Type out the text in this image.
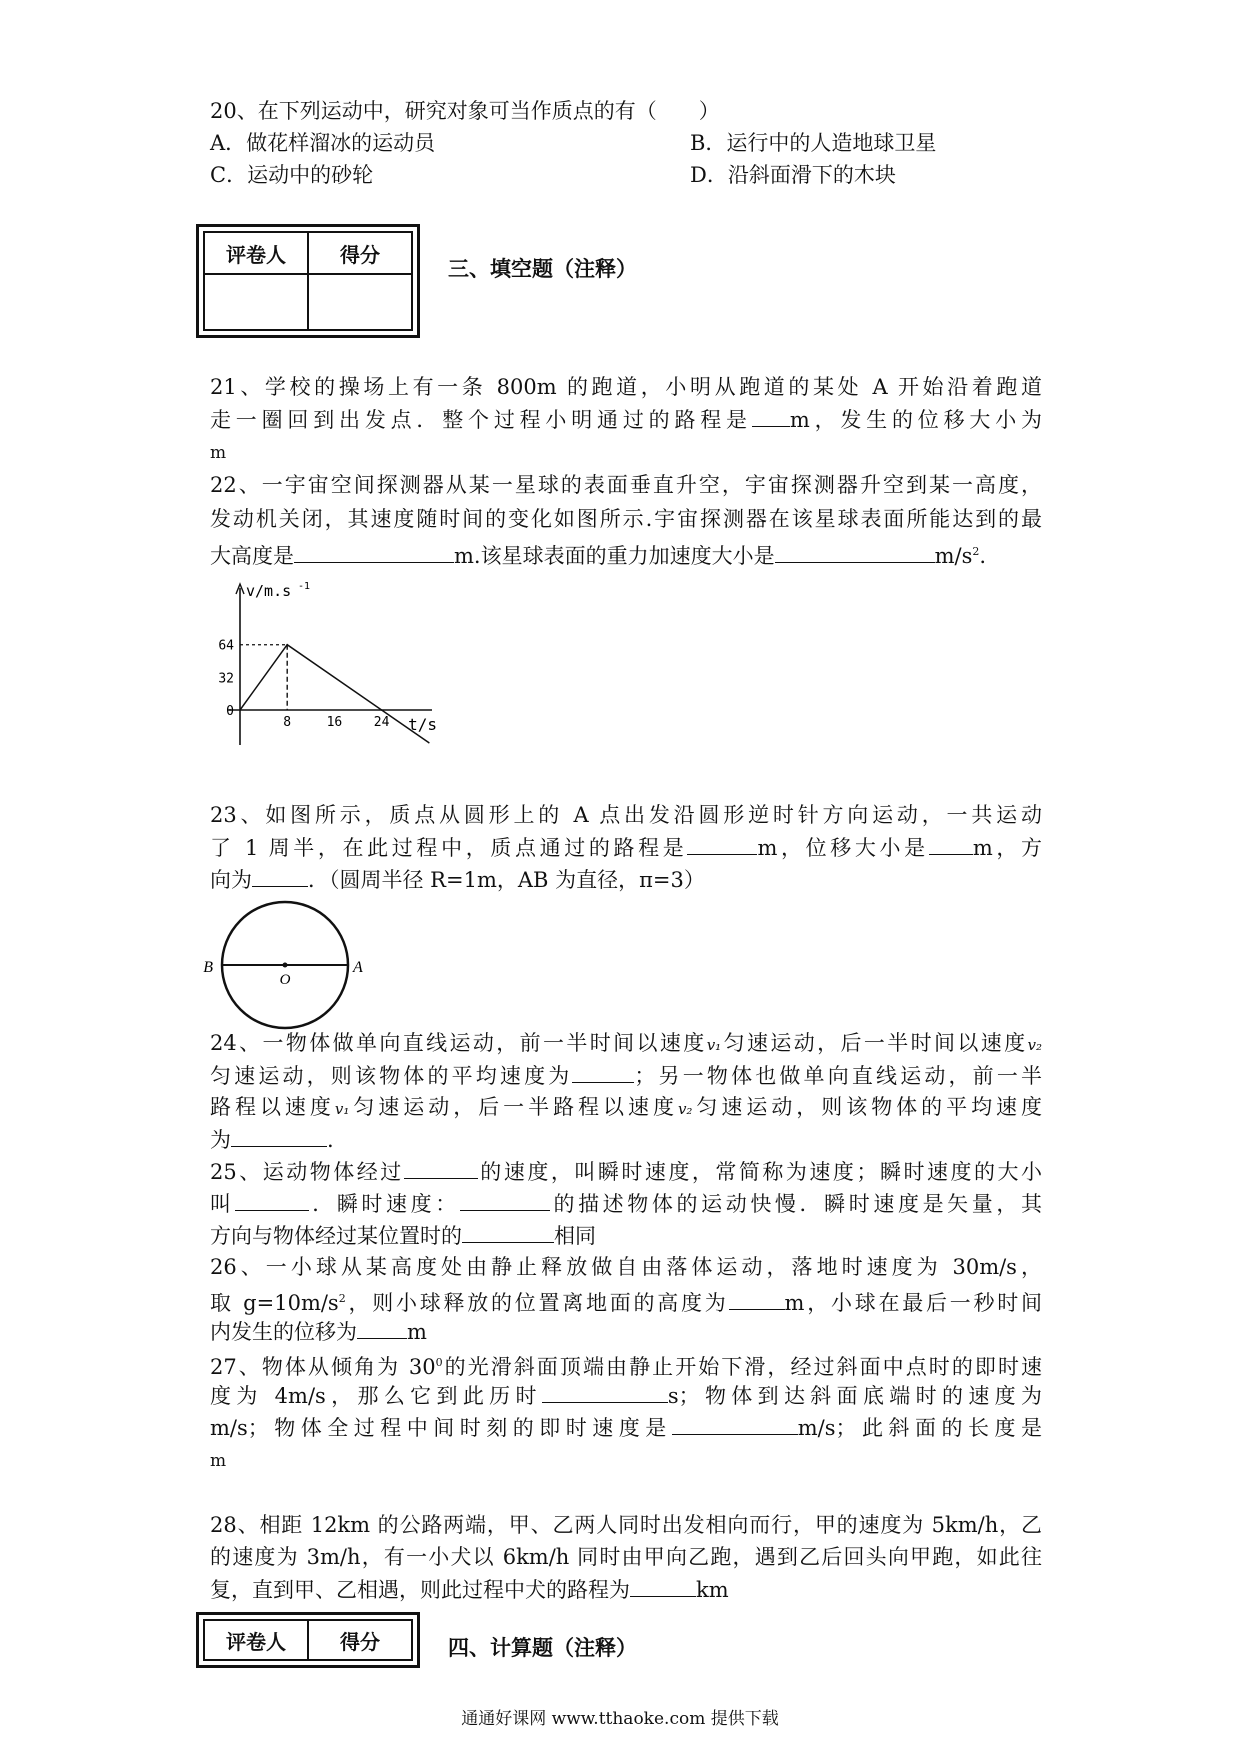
20、在下列运动中，研究对象可当作质点的有（　　）
A．做花样溜冰的运动员	B．运行中的人造地球卫星
C．运动中的砂轮	D．沿斜面滑下的木块
评卷人	得分

三、填空题（注释）
21、学校的操场上有一条 800m 的跑道，小明从跑道的某处 A 开始沿着跑道
走一圈回到出发点．整个过程小明通过的路程是 m，发生的位移大小为
m
22、一宇宙空间探测器从某一星球的表面垂直升空，宇宙探测器升空到某一高度，
发动机关闭，其速度随时间的变化如图所示.宇宙探测器在该星球表面所能达到的最
大高度是	m.该星球表面的重力加速度大小是	$m/s^2$.
v/m.s -1
t/s
64
32
0
8	16 24
23、如图所示，质点从圆形上的 A 点出发沿圆形逆时针方向运动，一共运动
了 1 周半，在此过程中，质点通过的路程是	m，位移大小是 m，方
向为	．（圆周半径 R=1m，AB 为直径，π=3）
B
O
A
24、一物体做单向直线运动，前一半时间以速度v₁匀速运动，后一半时间以速度v₂
匀速运动，则该物体的平均速度为	；另一物体也做单向直线运动，前一半
路程以速度v₁匀速运动，后一半路程以速度v₂匀速运动，则该物体的平均速度
为	.
25、运动物体经过	的速度，叫瞬时速度，常简称为速度；瞬时速度的大小
叫	．瞬时速度：	的描述物体的运动快慢．瞬时速度是矢量，其
方向与物体经过某位置时的	相同
26、一小球从某高度处由静止释放做自由落体运动，落地时速度为 30m/s，
取 $g=10m/s^2$，则小球释放的位置离地面的高度为	m，小球在最后一秒时间
内发生的位移为 m
27、物体从倾角为 $30^0$的光滑斜面顶端由静止开始下滑，经过斜面中点时的即时速
度为 4m/s，那么它到此历时	s；物体到达斜面底端时的速度为
m/s；物体全过程中间时刻的即时速度是	m/s；此斜面的长度是
m
28、相距 12km 的公路两端，甲、乙两人同时出发相向而行，甲的速度为 5km/h，乙
的速度为 3m/h，有一小犬以 6km/h 同时由甲向乙跑，遇到乙后回头向甲跑，如此往
复，直到甲、乙相遇，则此过程中犬的路程为	km
评卷人	得分	四、计算题（注释）
通通好课网 www.tthaoke.com 提供下载
